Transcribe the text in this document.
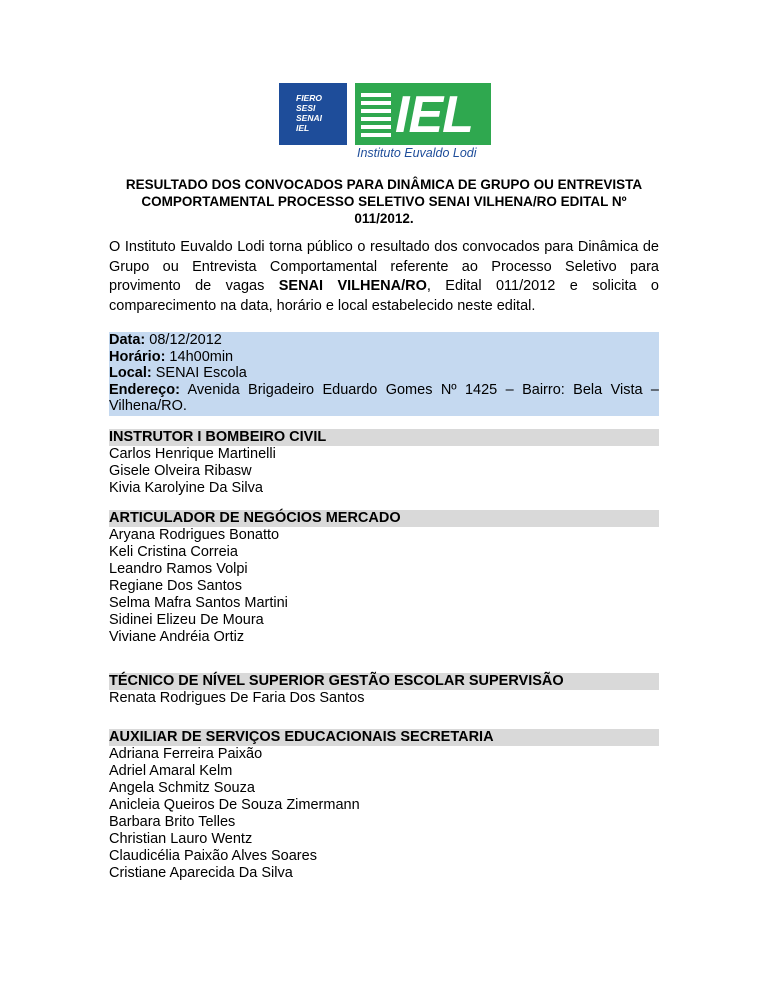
FIERO
SESI
SENAI
IEL	IEL
Instituto Euvaldo Lodi
RESULTADO DOS CONVOCADOS PARA DINÂMICA DE GRUPO OU ENTREVISTA COMPORTAMENTAL PROCESSO SELETIVO SENAI VILHENA/RO EDITAL Nº 011/2012.
O Instituto Euvaldo Lodi torna público o resultado dos convocados para Dinâmica de Grupo ou Entrevista Comportamental referente ao Processo Seletivo para provimento de vagas SENAI VILHENA/RO, Edital 011/2012 e solicita o comparecimento na data, horário e local estabelecido neste edital.
Data: 08/12/2012
Horário: 14h00min
Local: SENAI Escola
Endereço: Avenida Brigadeiro Eduardo Gomes Nº 1425 – Bairro: Bela Vista – Vilhena/RO.
INSTRUTOR I BOMBEIRO CIVIL
Carlos Henrique Martinelli
Gisele Olveira Ribasw
Kivia Karolyine Da Silva
ARTICULADOR DE NEGÓCIOS MERCADO
Aryana Rodrigues Bonatto
Keli Cristina Correia
Leandro Ramos Volpi
Regiane Dos Santos
Selma Mafra Santos Martini
Sidinei Elizeu De Moura
Viviane Andréia Ortiz
TÉCNICO DE NÍVEL SUPERIOR GESTÃO ESCOLAR SUPERVISÃO
Renata Rodrigues De Faria Dos Santos
AUXILIAR DE SERVIÇOS EDUCACIONAIS SECRETARIA
Adriana Ferreira Paixão
Adriel Amaral Kelm
Angela Schmitz Souza
Anicleia Queiros De Souza Zimermann
Barbara Brito Telles
Christian Lauro Wentz
Claudicélia Paixão Alves Soares
Cristiane Aparecida Da Silva
